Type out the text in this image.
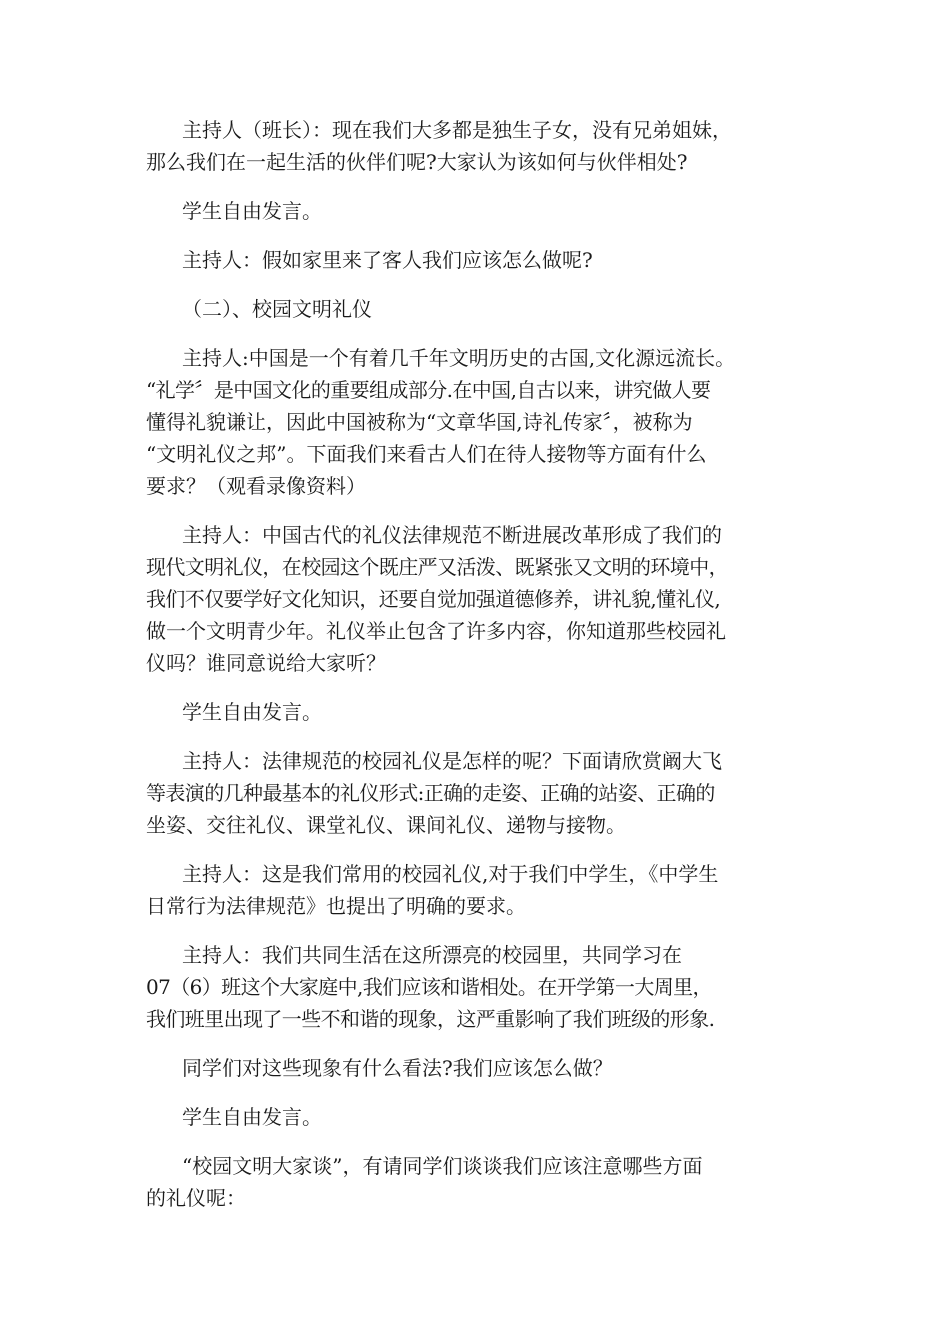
主持人（班长）：现在我们大多都是独生子女，没有兄弟姐妹，
那么我们在一起生活的伙伴们呢?大家认为该如何与伙伴相处?
学生自由发言。
主持人：假如家里来了客人我们应该怎么做呢?
（二）、校园文明礼仪
主持人:中国是一个有着几千年文明历史的古国,文化源远流长。
“礼学〞是中国文化的重要组成部分.在中国,自古以来，讲究做人要
懂得礼貌谦让，因此中国被称为“文章华国,诗礼传家〞，被称为
“文明礼仪之邦”。下面我们来看古人们在待人接物等方面有什么
要求？（观看录像资料）
主持人：中国古代的礼仪法律规范不断进展改革形成了我们的
现代文明礼仪，在校园这个既庄严又活泼、既紧张又文明的环境中，
我们不仅要学好文化知识，还要自觉加强道德修养，讲礼貌,懂礼仪,
做一个文明青少年。礼仪举止包含了许多内容，你知道那些校园礼
仪吗？谁同意说给大家听？
学生自由发言。
主持人：法律规范的校园礼仪是怎样的呢？下面请欣赏阚大飞
等表演的几种最基本的礼仪形式:正确的走姿、正确的站姿、正确的
坐姿、交往礼仪、课堂礼仪、课间礼仪、递物与接物。
主持人：这是我们常用的校园礼仪,对于我们中学生，《中学生
日常行为法律规范》也提出了明确的要求。
主持人：我们共同生活在这所漂亮的校园里，共同学习在
07（6）班这个大家庭中,我们应该和谐相处。在开学第一大周里，
我们班里出现了一些不和谐的现象，这严重影响了我们班级的形象.
同学们对这些现象有什么看法?我们应该怎么做？
学生自由发言。
“校园文明大家谈”，有请同学们谈谈我们应该注意哪些方面
的礼仪呢：
